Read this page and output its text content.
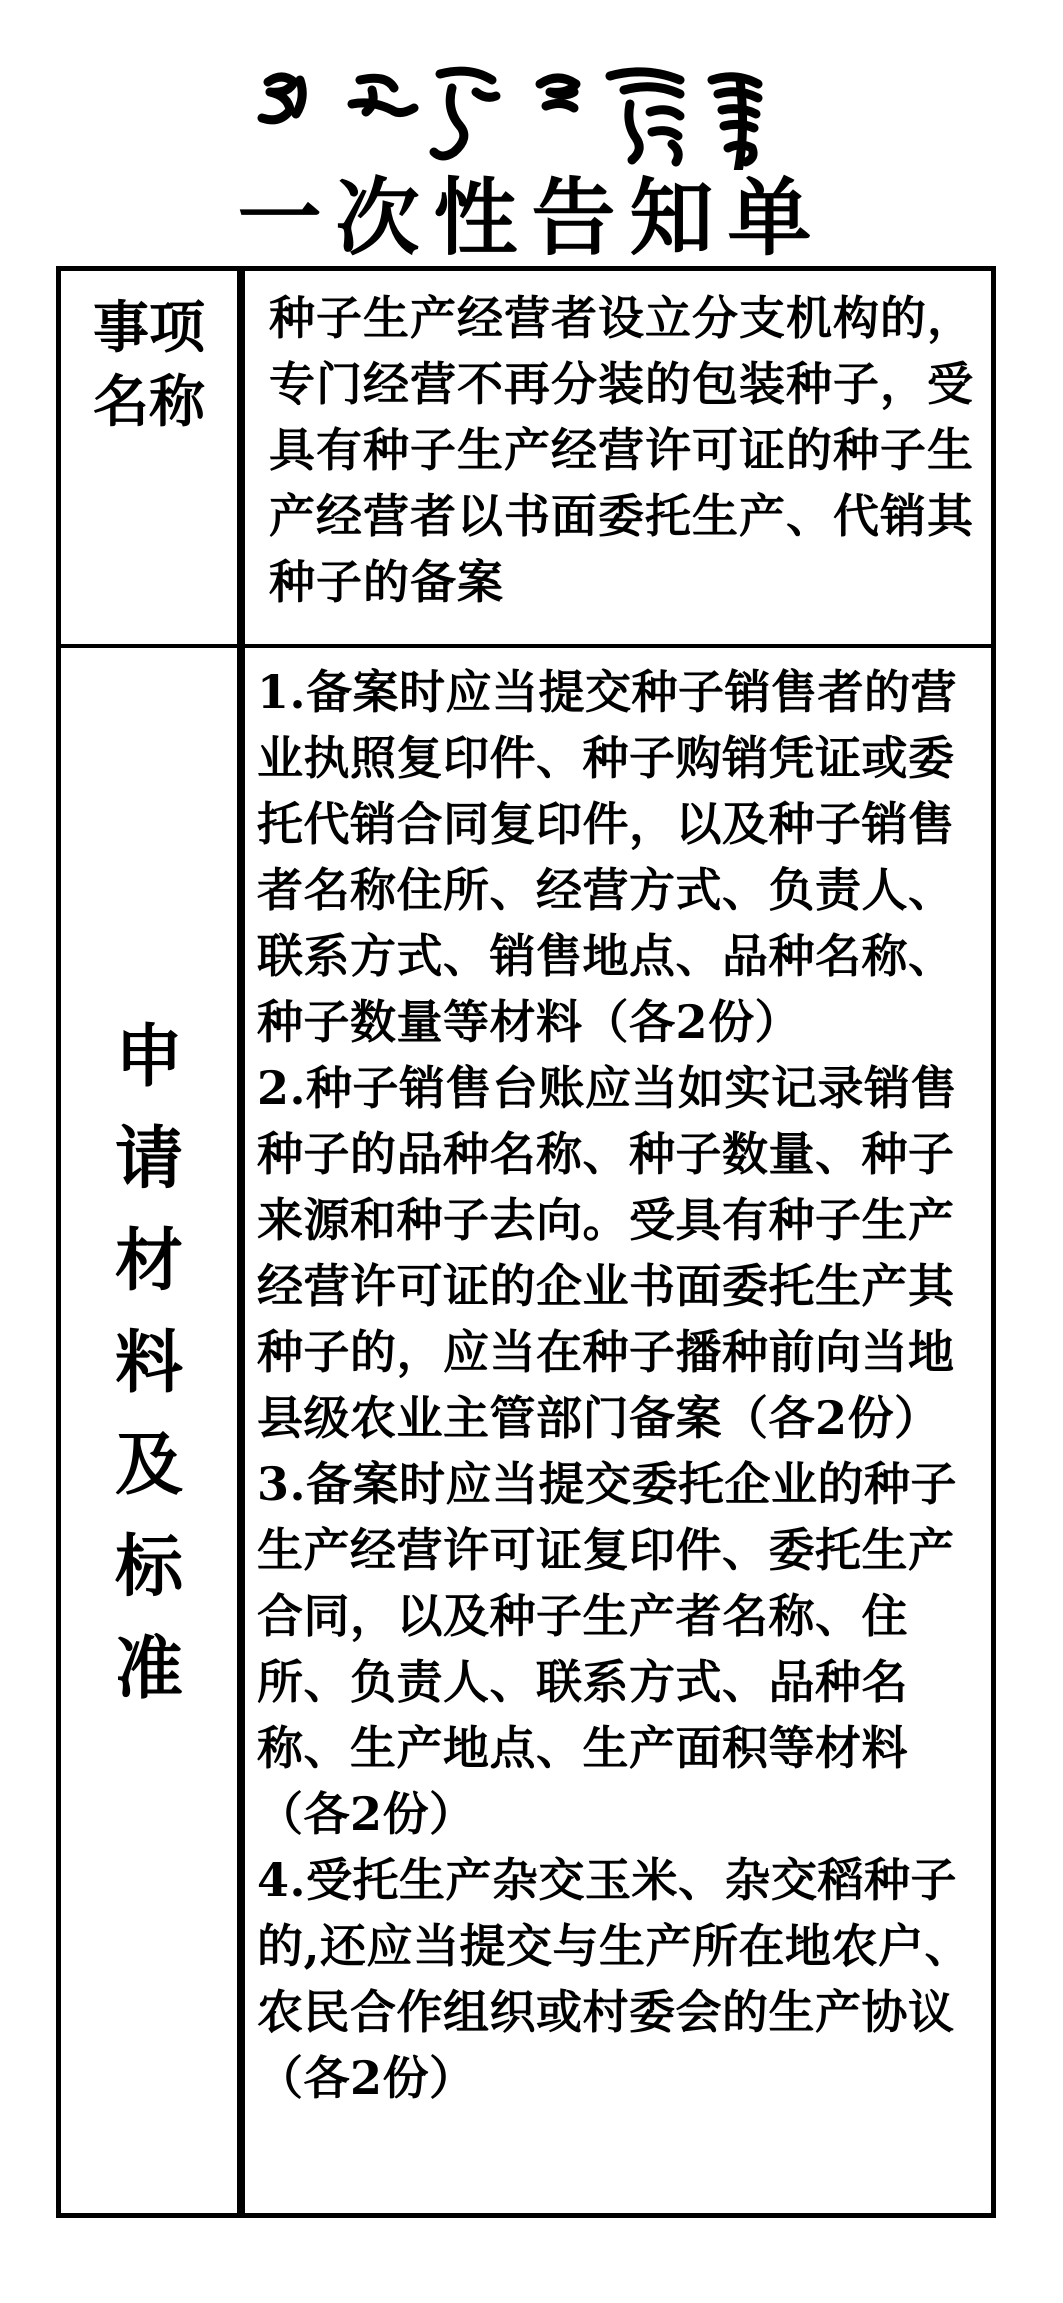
一次性告知单
事项
名称
种子生产经营者设立分支机构的，专门经营不再分装的包装种子，受具有种子生产经营许可证的种子生产经营者以书面委托生产、代销其种子的备案
申
请
材
料
及
标
准
1.备案时应当提交种子销售者的营业执照复印件、种子购销凭证或委托代销合同复印件，以及种子销售者名称住所、经营方式、负责人、联系方式、销售地点、品种名称、种子数量等材料（各2份）
2.种子销售台账应当如实记录销售种子的品种名称、种子数量、种子来源和种子去向。受具有种子生产经营许可证的企业书面委托生产其种子的，应当在种子播种前向当地县级农业主管部门备案（各2份）
3.备案时应当提交委托企业的种子生产经营许可证复印件、委托生产合同，以及种子生产者名称、住所、负责人、联系方式、品种名称、生产地点、生产面积等材料（各2份）
4.受托生产杂交玉米、杂交稻种子的,还应当提交与生产所在地农户、农民合作组织或村委会的生产协议（各2份）
